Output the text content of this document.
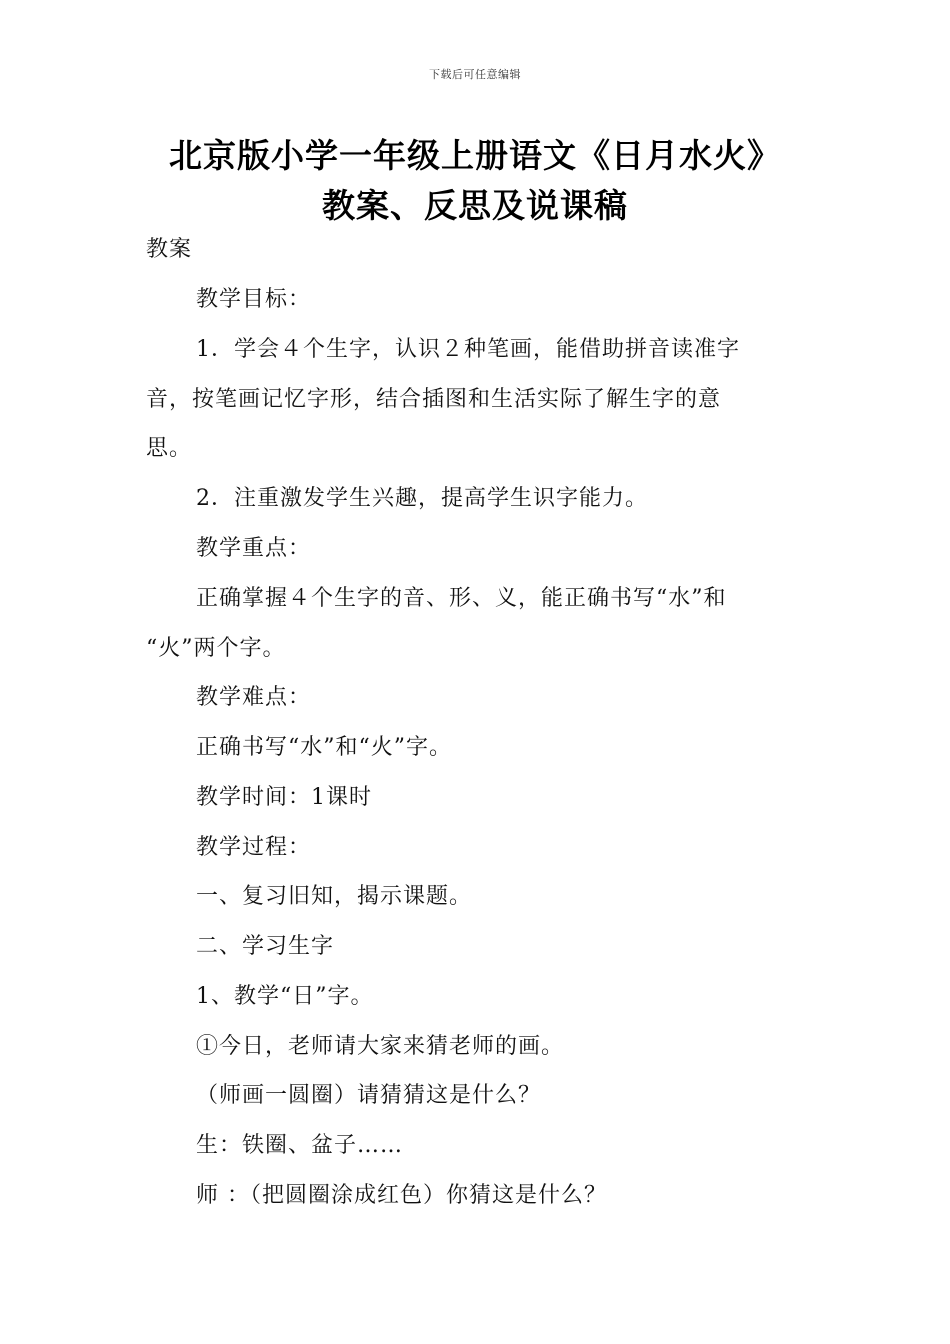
下载后可任意编辑
北京版小学一年级上册语文《日月水火》
教案、反思及说课稿
教案
教学目标：
1．学会４个生字，认识２种笔画，能借助拼音读准字
音，按笔画记忆字形，结合插图和生活实际了解生字的意
思。
2．注重激发学生兴趣，提高学生识字能力。
教学重点：
正确掌握４个生字的音、形、义，能正确书写“水”和
“火”两个字。
教学难点：
正确书写“水”和“火”字。
教学时间：1课时
教学过程：
一、复习旧知，揭示课题。
二、学习生字
1、教学“日”字。
①今日，老师请大家来猜老师的画。
（师画一圆圈）请猜猜这是什么？
生：铁圈、盆子……
师 ：（把圆圈涂成红色）你猜这是什么？
